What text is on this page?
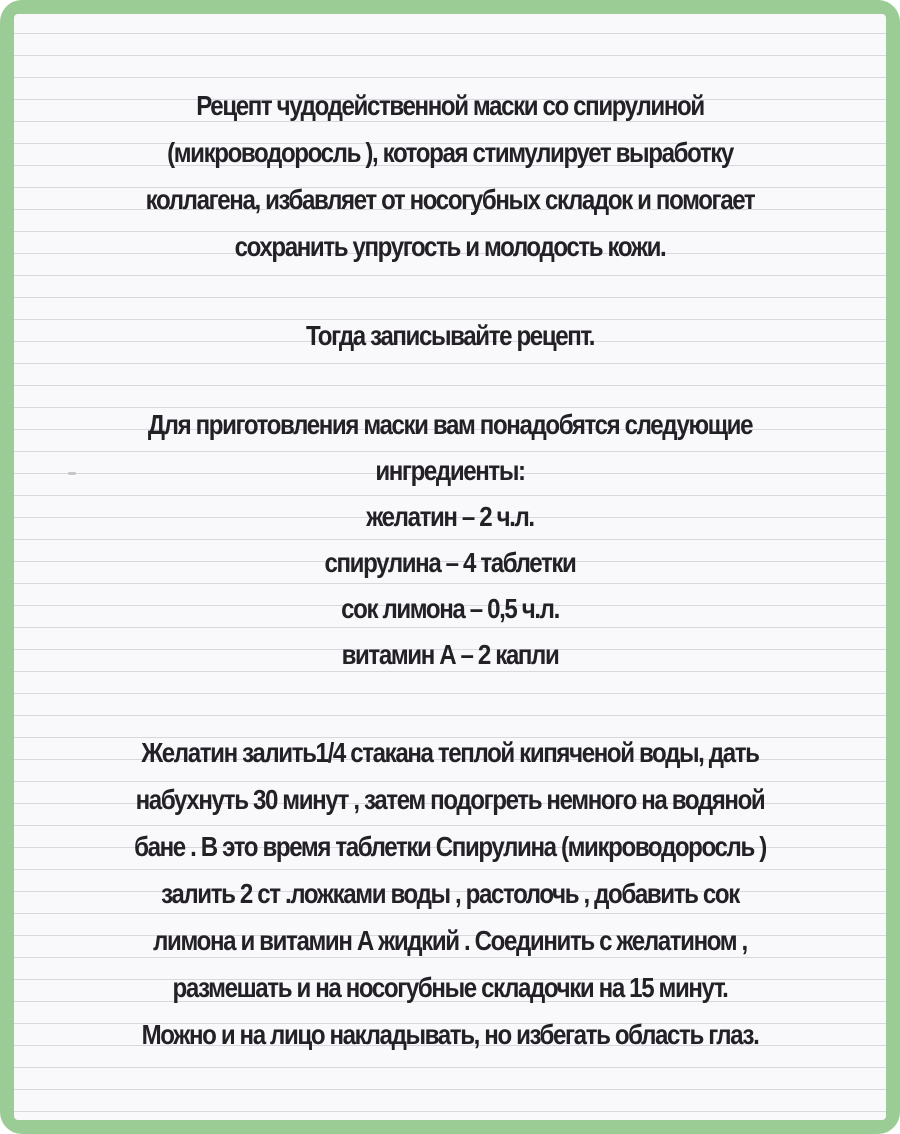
Рецепт чудодейственной маски со спирулиной
(микроводоросль ), которая стимулирует выработку
коллагена, избавляет от носогубных складок и помогает
сохранить упругость и молодость кожи.
Тогда записывайте рецепт.
Для приготовления маски вам понадобятся следующие
ингредиенты:
желатин – 2 ч.л.
спирулина – 4 таблетки
сок лимона – 0,5 ч.л.
витамин А – 2 капли
Желатин залить1/4 стакана теплой кипяченой воды, дать
набухнуть 30 минут , затем подогреть немного на водяной
бане . В это время таблетки Спирулина (микроводоросль )
залить 2 ст .ложками воды , растолочь , добавить сок
лимона и витамин А жидкий . Соединить с желатином ,
размешать и на носогубные складочки на 15 минут.
Можно и на лицо накладывать, но избегать область глаз.
